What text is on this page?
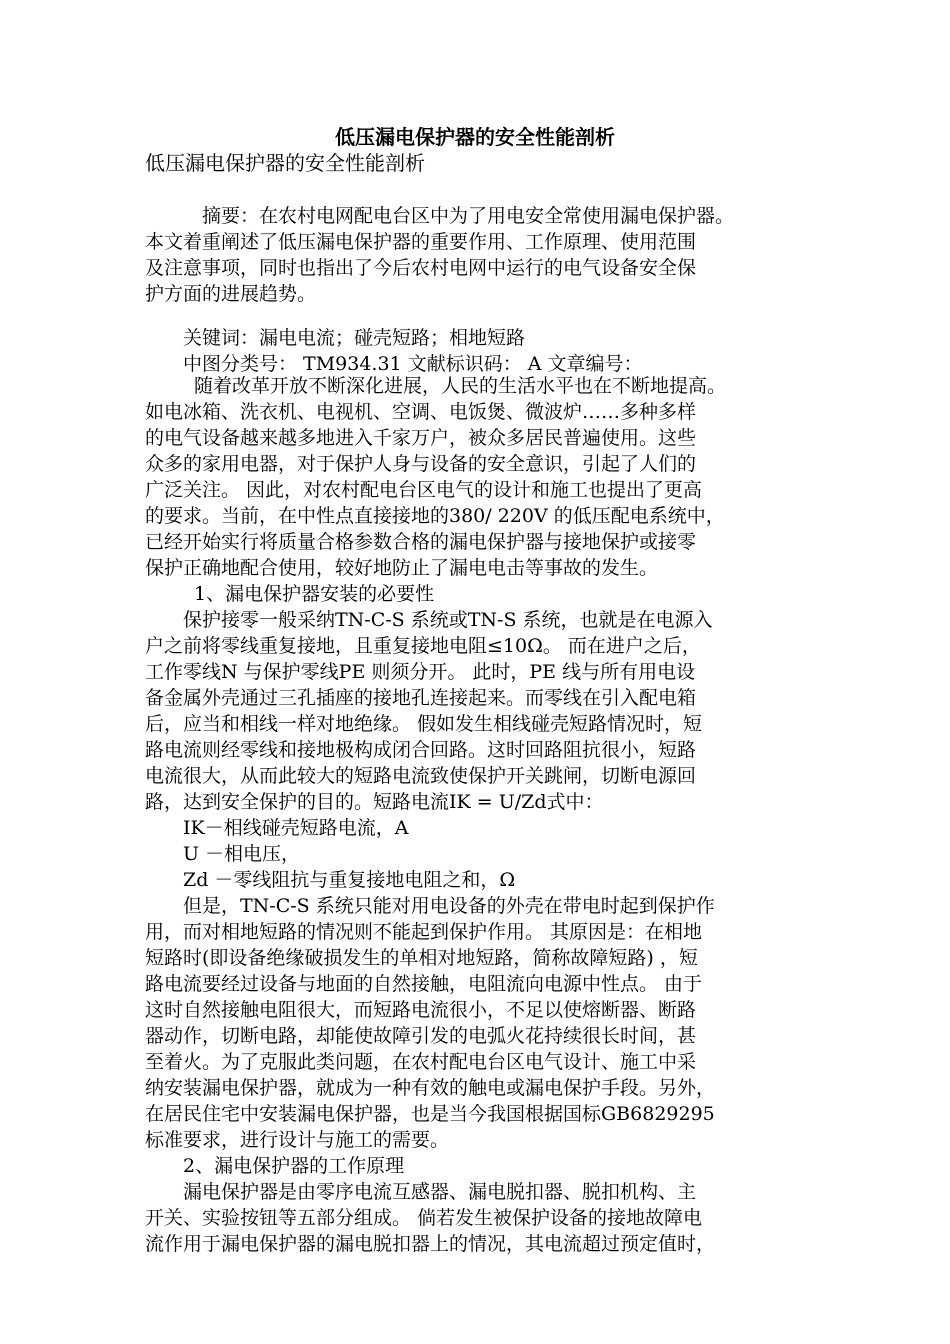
低压漏电保护器的安全性能剖析
低压漏电保护器的安全性能剖析
摘要：在农村电网配电台区中为了用电安全常使用漏电保护器。
本文着重阐述了低压漏电保护器的重要作用、工作原理、使用范围
及注意事项，同时也指出了今后农村电网中运行的电气设备安全保
护方面的进展趋势。
关键词：漏电电流；碰壳短路；相地短路
中图分类号： TM934.31 文献标识码： A 文章编号：
随着改革开放不断深化进展，人民的生活水平也在不断地提高。
如电冰箱、洗衣机、电视机、空调、电饭煲、微波炉……多种多样
的电气设备越来越多地进入千家万户，被众多居民普遍使用。这些
众多的家用电器，对于保护人身与设备的安全意识，引起了人们的
广泛关注。 因此，对农村配电台区电气的设计和施工也提出了更高
的要求。当前，在中性点直接接地的380/ 220V 的低压配电系统中，
已经开始实行将质量合格参数合格的漏电保护器与接地保护或接零
保护正确地配合使用，较好地防止了漏电电击等事故的发生。
1、漏电保护器安装的必要性
保护接零一般采纳TN-C-S 系统或TN-S 系统，也就是在电源入
户之前将零线重复接地，且重复接地电阻≤10Ω。 而在进户之后，
工作零线N 与保护零线PE 则须分开。 此时，PE 线与所有用电设
备金属外壳通过三孔插座的接地孔连接起来。而零线在引入配电箱
后，应当和相线一样对地绝缘。 假如发生相线碰壳短路情况时，短
路电流则经零线和接地极构成闭合回路。这时回路阻抗很小，短路
电流很大，从而此较大的短路电流致使保护开关跳闸，切断电源回
路，达到安全保护的目的。短路电流IK = U/Zd式中：
IK－相线碰壳短路电流，A
U －相电压，
Zd －零线阻抗与重复接地电阻之和，Ω
但是，TN-C-S 系统只能对用电设备的外壳在带电时起到保护作
用，而对相地短路的情况则不能起到保护作用。 其原因是：在相地
短路时(即设备绝缘破损发生的单相对地短路，简称故障短路) ，短
路电流要经过设备与地面的自然接触，电阻流向电源中性点。 由于
这时自然接触电阻很大，而短路电流很小，不足以使熔断器、断路
器动作，切断电路，却能使故障引发的电弧火花持续很长时间，甚
至着火。为了克服此类问题，在农村配电台区电气设计、施工中采
纳安装漏电保护器，就成为一种有效的触电或漏电保护手段。另外，
在居民住宅中安装漏电保护器，也是当今我国根据国标GB6829295
标准要求，进行设计与施工的需要。
2、漏电保护器的工作原理
漏电保护器是由零序电流互感器、漏电脱扣器、脱扣机构、主
开关、实验按钮等五部分组成。 倘若发生被保护设备的接地故障电
流作用于漏电保护器的漏电脱扣器上的情况，其电流超过预定值时，
